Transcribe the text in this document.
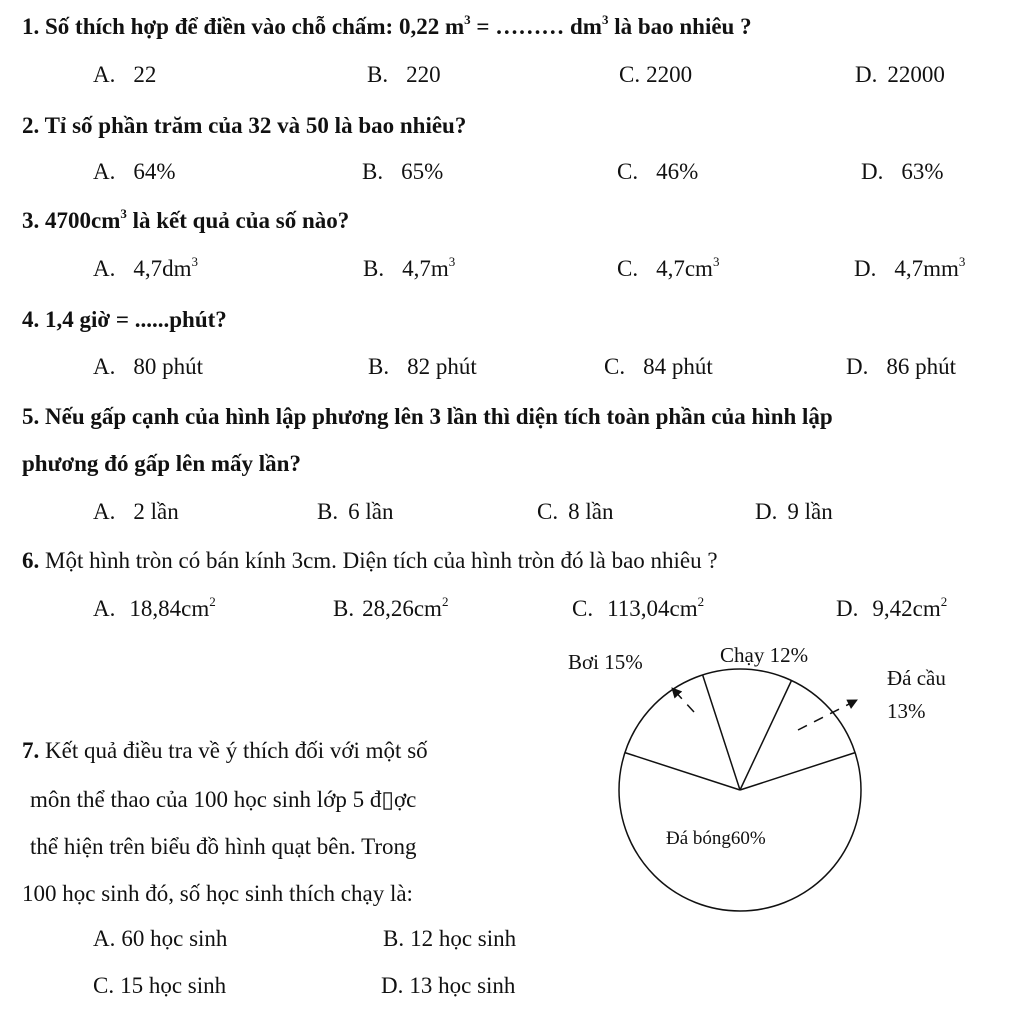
1. Số thích hợp để điền vào chỗ chấm: 0,22 $m^3$ = ……… $dm^3$ là bao nhiêu ?
A. 22	B. 220	C. 2200	D. 22000
2. Tỉ số phần trăm của 32 và 50 là bao nhiêu?
A. 64%	B. 65%	C. 46%	D. 63%
3. $4700cm^3$ là kết quả của số nào?
A. $4,7dm^3$	B. $4,7m^3$	C. $4,7cm^3$	D. $4,7mm^3$
4. 1,4 giờ = ......phút?
A. 80 phút	B. 82 phút	C. 84 phút	D. 86 phút
5. Nếu gấp cạnh của hình lập phương lên 3 lần thì diện tích toàn phần của hình lập
phương đó gấp lên mấy lần?
A. 2 lần	B. 6 lần	C. 8 lần	D. 9 lần
6. Một hình tròn có bán kính 3cm. Diện tích của hình tròn đó là bao nhiêu ?
A. $18,84cm^2$	B. $28,26cm^2$	C. $113,04cm^2$	D. $9,42cm^2$
7. Kết quả điều tra về ý thích đối với một số
môn thể thao của 100 học sinh lớp 5 đ▯ợc
thể hiện trên biểu đồ hình quạt bên. Trong
100 học sinh đó, số học sinh thích chạy là:
A. 60 học sinh	B. 12 học sinh
C. 15 học sinh	D. 13 học sinh
Bơi 15%	Chạy 12%
Đá cầu
13%
Đá bóng60%
